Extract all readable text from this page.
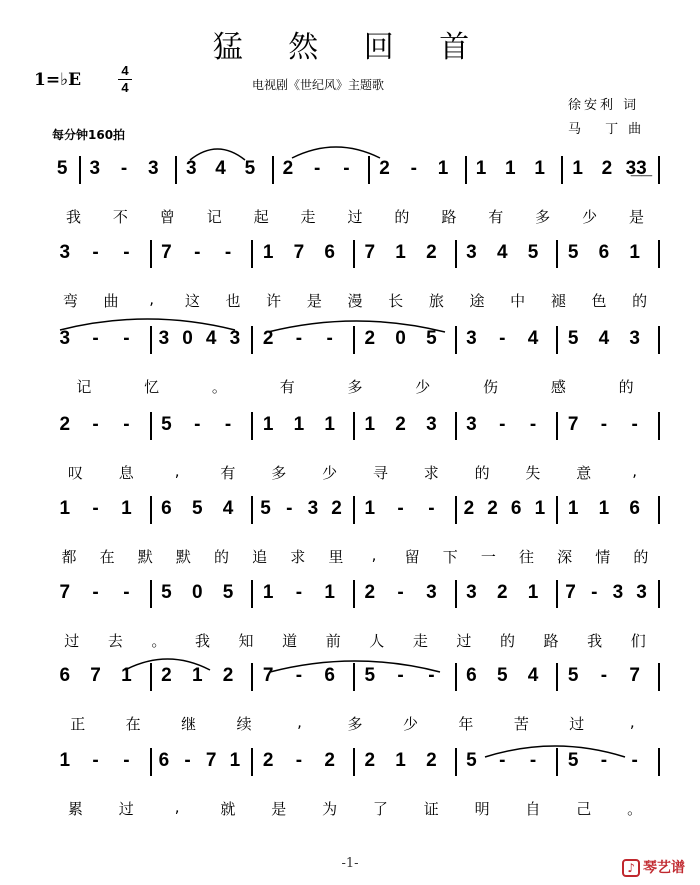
猛 然 回 首
1=♭E	4
4	电视剧《世纪风》主题歌
徐安利 词
马 丁曲
每分钟160拍
5	3	-	3	3 4 5	2	-	-	2	-	1	1 1 1	1 2 3̲3̲
我	不	曾	记	起	走	过	的	路	有	多	少	是
3	-	-	7	-	-	1	7	6	7	1	2	3	4	5	5	6	1
弯	曲	,	这	也	许	是	漫	长	旅	途	中	褪	色	的
3	-	-	3 0 4 3	2	-	-	2	0	5	3	-	4	5	4	3
记	忆	。	有	多	少	伤	感	的
2	-	-	5	-	-	1	1	1	1	2	3	3	-	-	7	-	-
叹	息	,	有	多	少	寻	求	的	失	意	,
1	-	1	6	5	4	5 - 3 2	1	-	-	2 2 6 1	1	1	6
都	在	默	默	的	追	求	里	,	留	下	一	往	深	情	的
7	-	-	5	0	5	1	-	1	2	-	3	3	2	1	7 - 3 3
过	去	。	我	知	道	前	人	走	过	的	路	我	们
6	7	1	2	1	2	7	-	6	5	-	-	6	5	4	5	-	7
正	在	继	续	,	多	少	年	苦	过	,
1	-	-	6 - 7 1	2	-	2	2	1	2	5	-	-	5	-	-
累	过	,	就	是	为	了	证	明	自	己	。
-1-	♪ 琴艺谱
